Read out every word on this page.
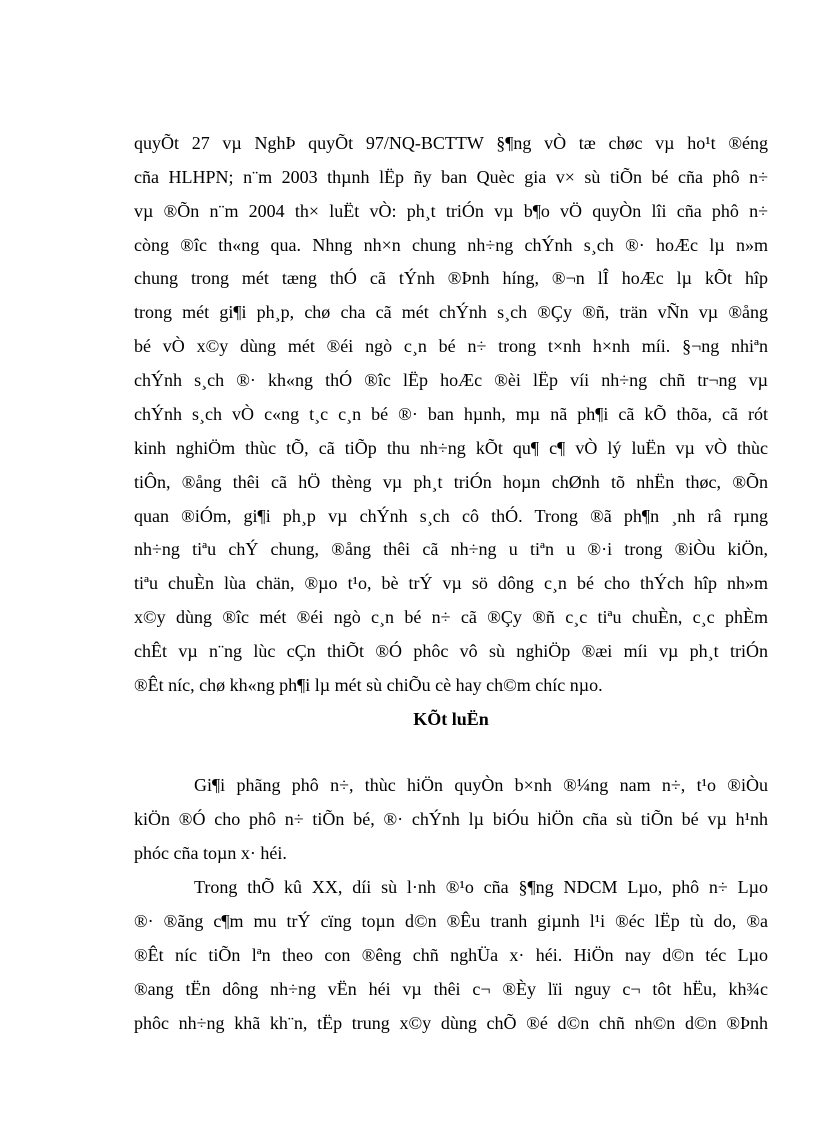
quyÕt 27 vµ NghÞ quyÕt 97/NQ-BCTTW §¶ng vÒ tæ chøc vµ ho¹t ®éng
cña HLHPN; n¨m 2003 thµnh lËp ñy ban Quèc gia v× sù tiÕn bé cña phô n÷
vµ ®Õn n¨m 2004 th× luËt vÒ: ph¸t triÓn vµ b¶o vÖ quyÒn lîi cña phô n÷
còng ®îc th«ng qua. Nhng nh×n chung nh÷ng chÝnh s¸ch ®· hoÆc lµ n»m
chung trong mét tæng thÓ cã tÝnh ®Þnh híng, ®¬n lÎ hoÆc lµ kÕt hîp
trong mét gi¶i ph¸p, chø cha cã mét chÝnh s¸ch ®Çy ®ñ, trän vÑn vµ ®ång
bé vÒ x©y dùng mét ®éi ngò c¸n bé n÷ trong t×nh h×nh míi. §¬ng nhiªn
chÝnh s¸ch ®· kh«ng thÓ ®îc lËp hoÆc ®èi lËp víi nh÷ng chñ tr¬ng vµ
chÝnh s¸ch vÒ c«ng t¸c c¸n bé ®· ban hµnh, mµ nã ph¶i cã kÕ thõa, cã rót
kinh nghiÖm thùc tÕ, cã tiÕp thu nh÷ng kÕt qu¶ c¶ vÒ lý luËn vµ vÒ thùc
tiÔn, ®ång thêi cã hÖ thèng vµ ph¸t triÓn hoµn chØnh tõ nhËn thøc, ®Õn
quan ®iÓm, gi¶i ph¸p vµ chÝnh s¸ch cô thÓ. Trong ®ã ph¶n ¸nh râ rµng
nh÷ng tiªu chÝ chung, ®ång thêi cã nh÷ng u tiªn u ®·i trong ®iÒu kiÖn,
tiªu chuÈn lùa chän, ®µo t¹o, bè trÝ vµ sö dông c¸n bé cho thÝch hîp nh»m
x©y dùng ®îc mét ®éi ngò c¸n bé n÷ cã ®Çy ®ñ c¸c tiªu chuÈn, c¸c phÈm
chÊt vµ n¨ng lùc cÇn thiÕt ®Ó phôc vô sù nghiÖp ®æi míi vµ ph¸t triÓn
®Êt níc, chø kh«ng ph¶i lµ mét sù chiÕu cè hay ch©m chíc nµo.
KÕt luËn
Gi¶i phãng phô n÷, thùc hiÖn quyÒn b×nh ®¼ng nam n÷, t¹o ®iÒu
kiÖn ®Ó cho phô n÷ tiÕn bé, ®· chÝnh lµ biÓu hiÖn cña sù tiÕn bé vµ h¹nh
phóc cña toµn x· héi.
Trong thÕ kû XX, díi sù l·nh ®¹o cña §¶ng NDCM Lµo, phô n÷ Lµo
®· ®ãng c¶m mu trÝ cïng toµn d©n ®Êu tranh giµnh l¹i ®éc lËp tù do, ®a
®Êt níc tiÕn lªn theo con ®êng chñ nghÜa x· héi. HiÖn nay d©n téc Lµo
®ang tËn dông nh÷ng vËn héi vµ thêi c¬ ®Èy lïi nguy c¬ tôt hËu, kh¾c
phôc nh÷ng khã kh¨n, tËp trung x©y dùng chÕ ®é d©n chñ nh©n d©n ®Þnh
